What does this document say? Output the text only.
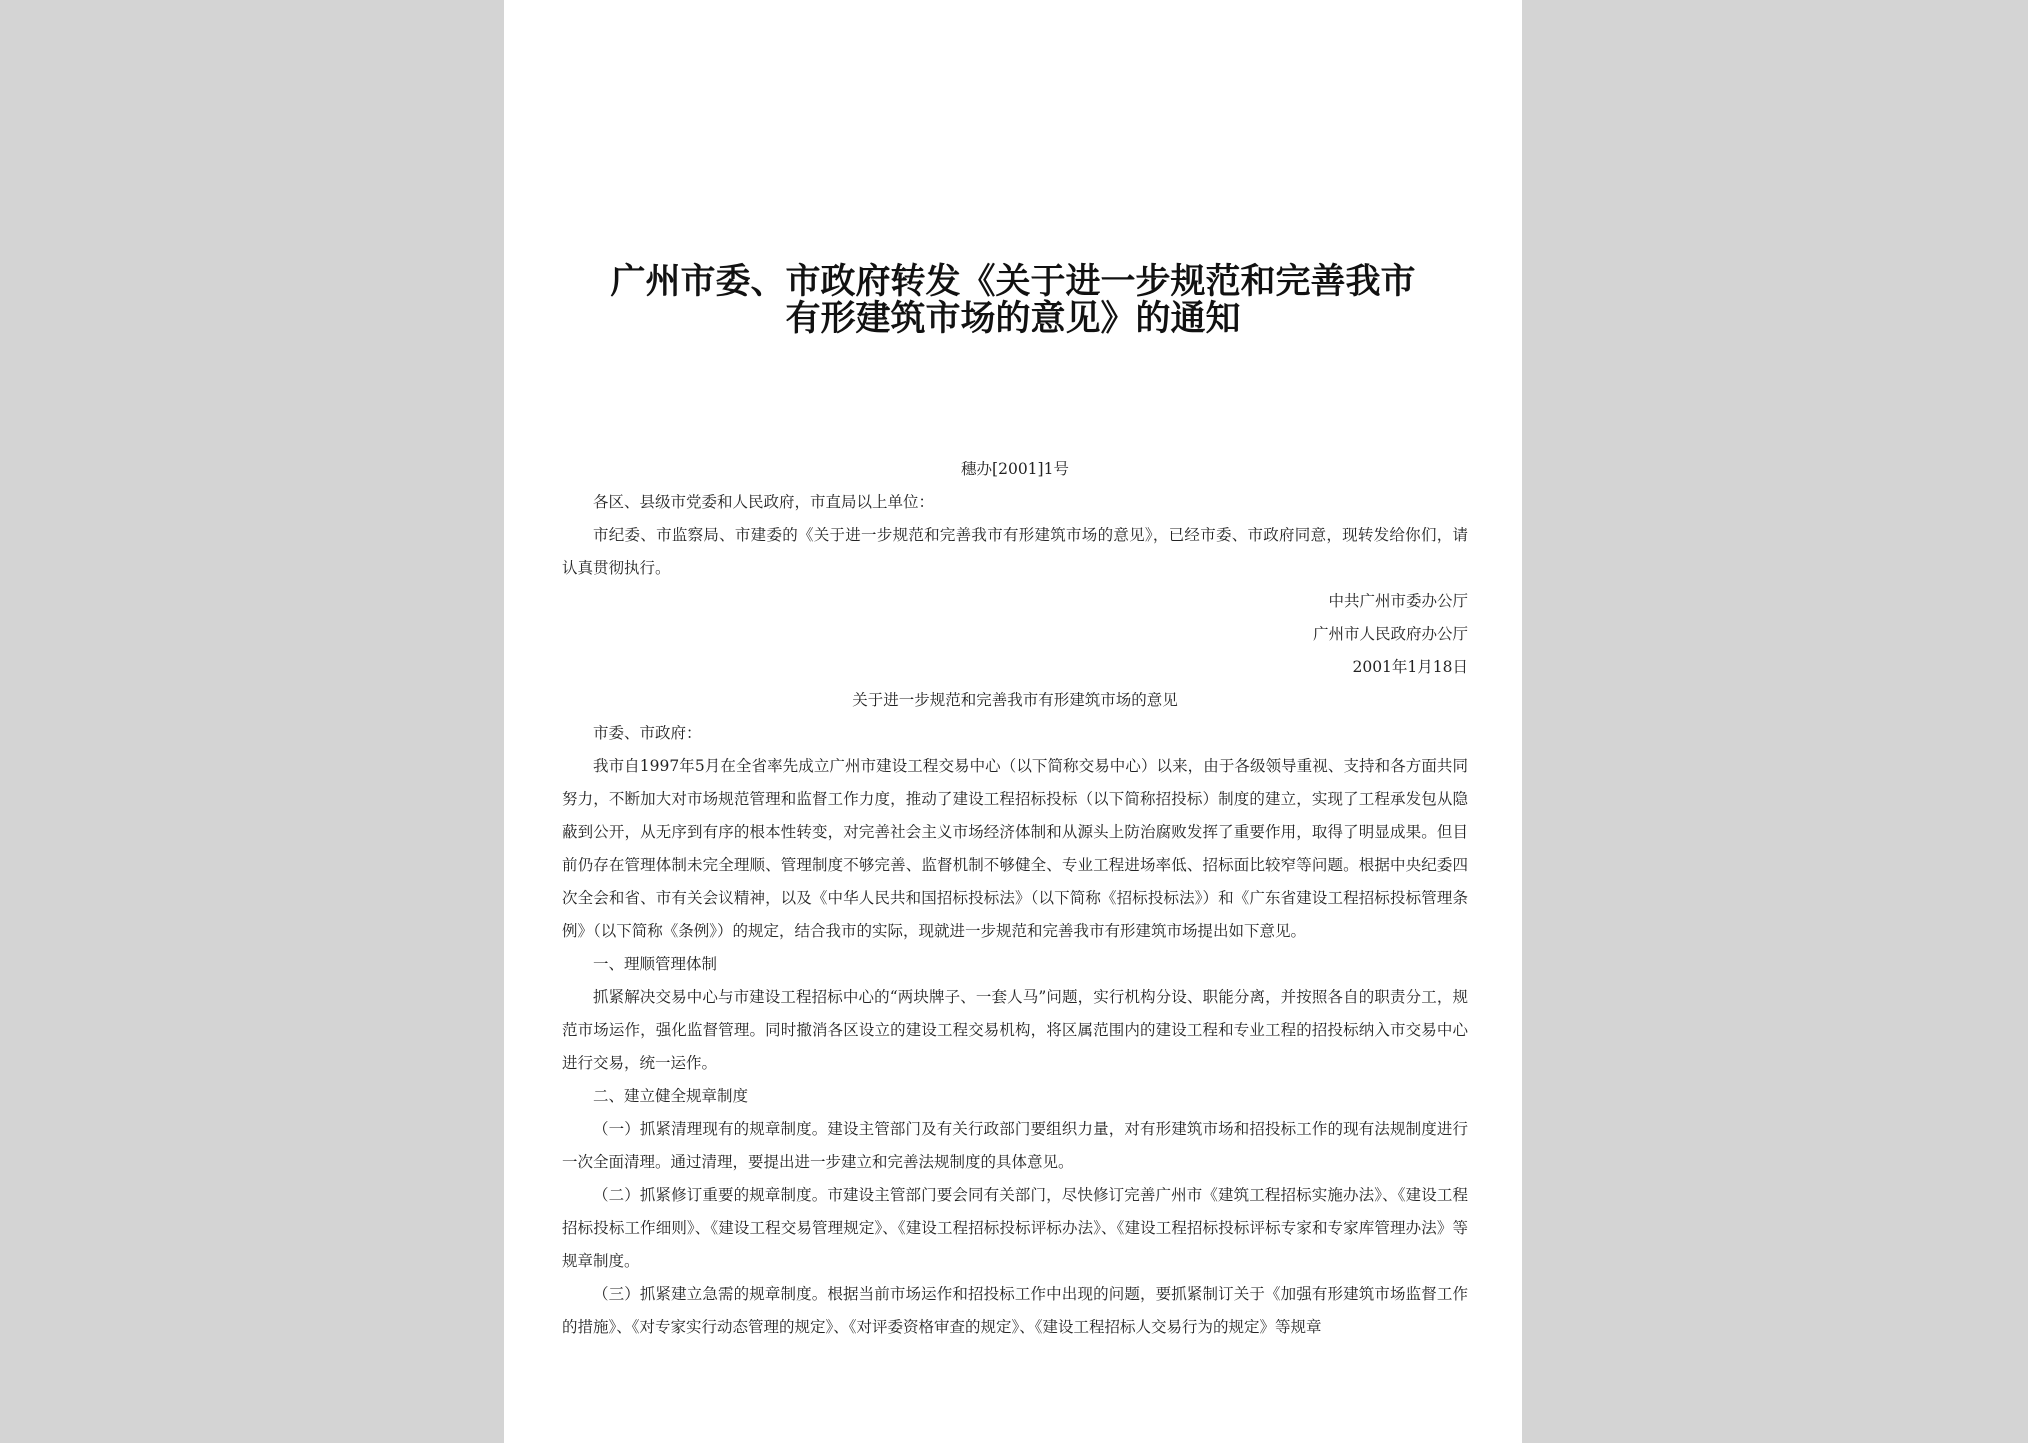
广州市委、市政府转发《关于进一步规范和完善我市
有形建筑市场的意见》的通知

穗办[2001]1号

各区、县级市党委和人民政府，市直局以上单位：

市纪委、市监察局、市建委的《关于进一步规范和完善我市有形建筑市场的意见》，已经市委、市政府同意，现转发给你们，请认真贯彻执行。

中共广州市委办公厅

广州市人民政府办公厅

2001年1月18日

关于进一步规范和完善我市有形建筑市场的意见

市委、市政府：

我市自1997年5月在全省率先成立广州市建设工程交易中心（以下简称交易中心）以来，由于各级领导重视、支持和各方面共同努力，不断加大对市场规范管理和监督工作力度，推动了建设工程招标投标（以下简称招投标）制度的建立，实现了工程承发包从隐蔽到公开，从无序到有序的根本性转变，对完善社会主义市场经济体制和从源头上防治腐败发挥了重要作用，取得了明显成果。但目前仍存在管理体制未完全理顺、管理制度不够完善、监督机制不够健全、专业工程进场率低、招标面比较窄等问题。根据中央纪委四次全会和省、市有关会议精神，以及《中华人民共和国招标投标法》（以下简称《招标投标法》）和《广东省建设工程招标投标管理条例》（以下简称《条例》）的规定，结合我市的实际，现就进一步规范和完善我市有形建筑市场提出如下意见。

一、理顺管理体制

抓紧解决交易中心与市建设工程招标中心的“两块牌子、一套人马”问题，实行机构分设、职能分离，并按照各自的职责分工，规范市场运作，强化监督管理。同时撤消各区设立的建设工程交易机构，将区属范围内的建设工程和专业工程的招投标纳入市交易中心进行交易，统一运作。

二、建立健全规章制度

（一）抓紧清理现有的规章制度。建设主管部门及有关行政部门要组织力量，对有形建筑市场和招投标工作的现有法规制度进行一次全面清理。通过清理，要提出进一步建立和完善法规制度的具体意见。

（二）抓紧修订重要的规章制度。市建设主管部门要会同有关部门，尽快修订完善广州市《建筑工程招标实施办法》、《建设工程招标投标工作细则》、《建设工程交易管理规定》、《建设工程招标投标评标办法》、《建设工程招标投标评标专家和专家库管理办法》等规章制度。

（三）抓紧建立急需的规章制度。根据当前市场运作和招投标工作中出现的问题，要抓紧制订关于《加强有形建筑市场监督工作的措施》、《对专家实行动态管理的规定》、《对评委资格审查的规定》、《建设工程招标人交易行为的规定》等规章
